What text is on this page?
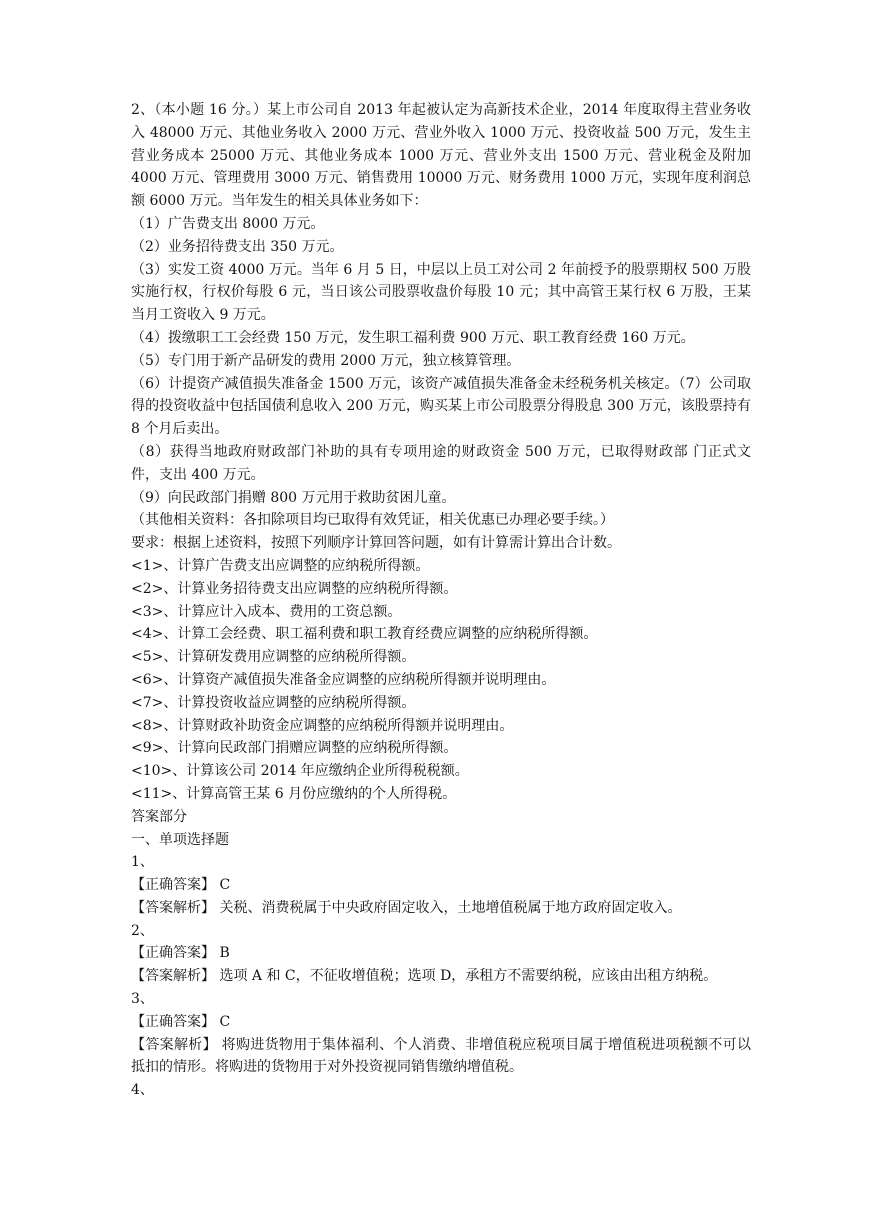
2、（本小题 16 分。）某上市公司自 2013 年起被认定为高新技术企业，2014 年度取得主营业务收入 48000 万元、其他业务收入 2000 万元、营业外收入 1000 万元、投资收益 500 万元，发生主营业务成本 25000 万元、其他业务成本 1000 万元、营业外支出 1500 万元、营业税金及附加 4000 万元、管理费用 3000 万元、销售费用 10000 万元、财务费用 1000 万元，实现年度利润总额 6000 万元。当年发生的相关具体业务如下：
（1）广告费支出 8000 万元。
（2）业务招待费支出 350 万元。
（3）实发工资 4000 万元。当年 6 月 5 日，中层以上员工对公司 2 年前授予的股票期权 500 万股实施行权，行权价每股 6 元，当日该公司股票收盘价每股 10 元；其中高管王某行权 6 万股，王某当月工资收入 9 万元。
（4）拨缴职工工会经费 150 万元，发生职工福利费 900 万元、职工教育经费 160 万元。
（5）专门用于新产品研发的费用 2000 万元，独立核算管理。
（6）计提资产减值损失准备金 1500 万元，该资产减值损失准备金未经税务机关核定。（7）公司取得的投资收益中包括国债利息收入 200 万元，购买某上市公司股票分得股息 300 万元，该股票持有 8 个月后卖出。
（8）获得当地政府财政部门补助的具有专项用途的财政资金 500 万元，已取得财政部 门正式文件，支出 400 万元。
（9）向民政部门捐赠 800 万元用于救助贫困儿童。
（其他相关资料：各扣除项目均已取得有效凭证，相关优惠已办理必要手续。）
要求：根据上述资料，按照下列顺序计算回答问题，如有计算需计算出合计数。
<1>、计算广告费支出应调整的应纳税所得额。
<2>、计算业务招待费支出应调整的应纳税所得额。
<3>、计算应计入成本、费用的工资总额。
<4>、计算工会经费、职工福利费和职工教育经费应调整的应纳税所得额。
<5>、计算研发费用应调整的应纳税所得额。
<6>、计算资产减值损失准备金应调整的应纳税所得额并说明理由。
<7>、计算投资收益应调整的应纳税所得额。
<8>、计算财政补助资金应调整的应纳税所得额并说明理由。
<9>、计算向民政部门捐赠应调整的应纳税所得额。
<10>、计算该公司 2014 年应缴纳企业所得税税额。
<11>、计算高管王某 6 月份应缴纳的个人所得税。
答案部分
一、单项选择题
1、
【正确答案】 C
【答案解析】 关税、消费税属于中央政府固定收入，土地增值税属于地方政府固定收入。
2、
【正确答案】 B
【答案解析】 选项 A 和 C，不征收增值税；选项 D，承租方不需要纳税，应该由出租方纳税。
3、
【正确答案】 C
【答案解析】 将购进货物用于集体福利、个人消费、非增值税应税项目属于增值税进项税额不可以抵扣的情形。将购进的货物用于对外投资视同销售缴纳增值税。
4、
